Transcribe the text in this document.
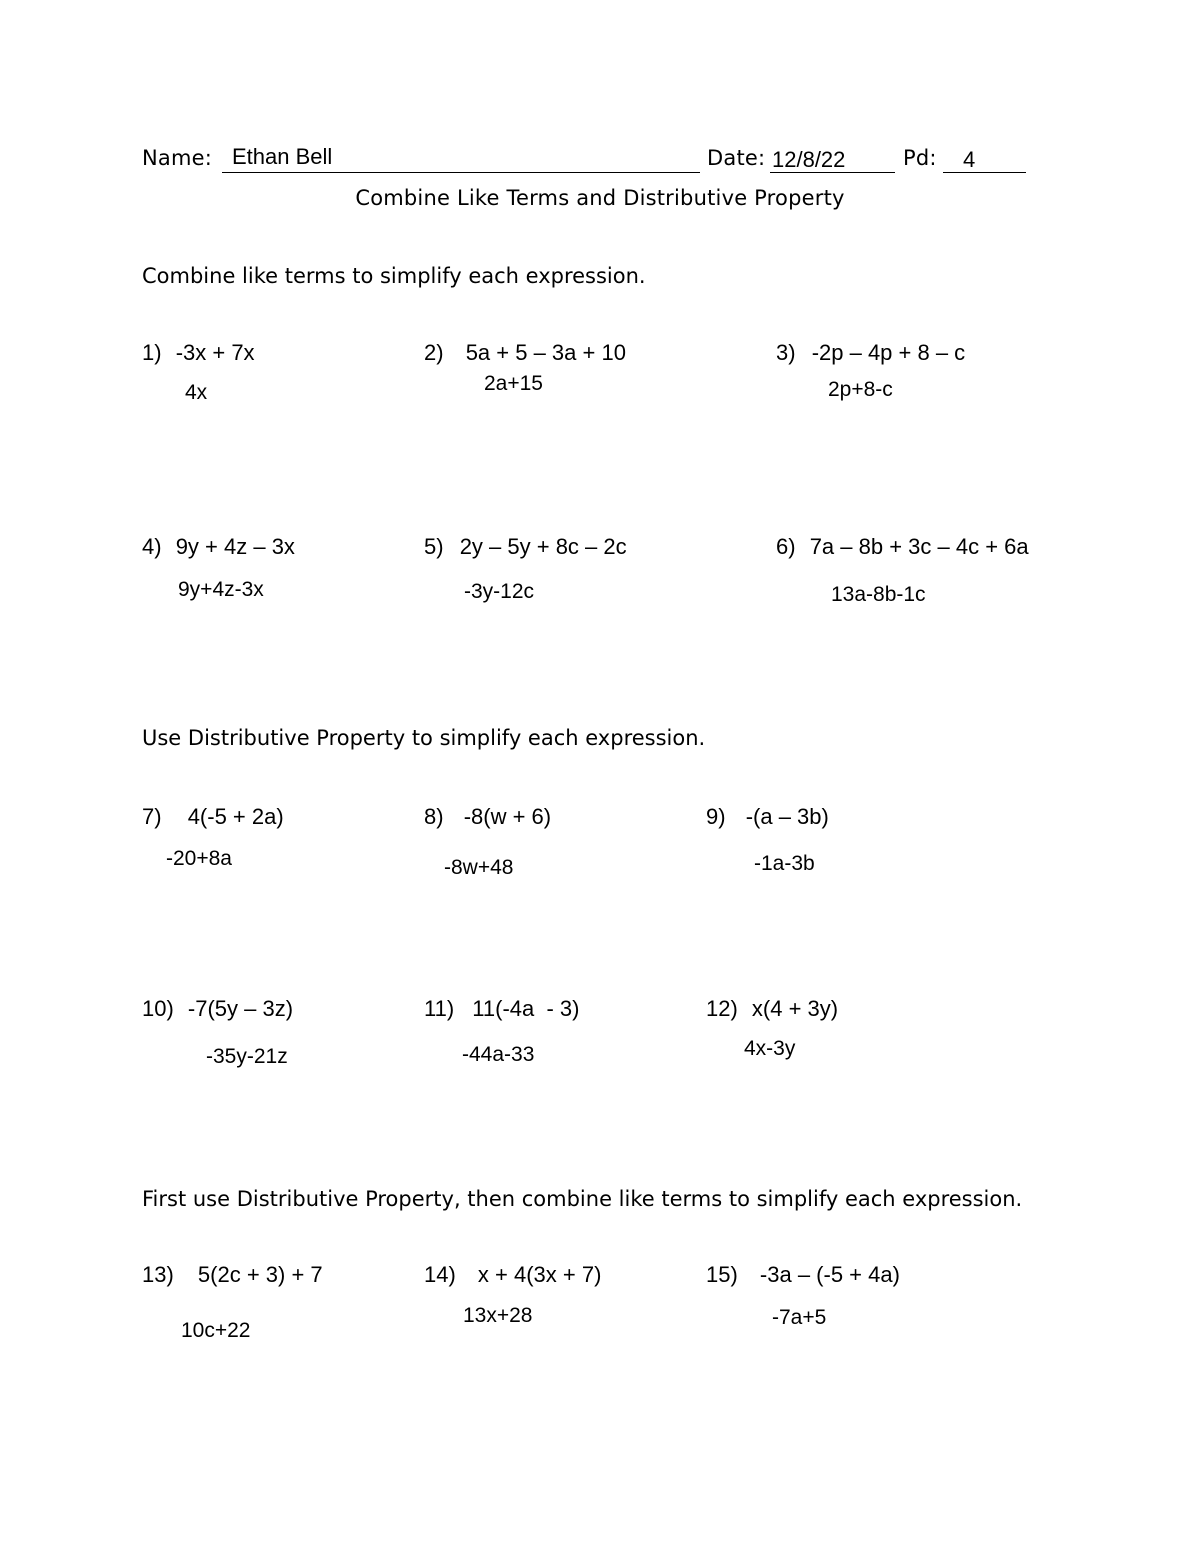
Name: Ethan Bell	Date: 12/8/22	Pd: 4
Combine Like Terms and Distributive Property
Combine like terms to simplify each expression.
1) -3x + 7x
4x
2) 5a + 5 – 3a + 10
2a+15
3) -2p – 4p + 8 – c
2p+8-c
4) 9y + 4z – 3x
9y+4z-3x
5) 2y – 5y + 8c – 2c
-3y-12c
6) 7a – 8b + 3c – 4c + 6a
13a-8b-1c
Use Distributive Property to simplify each expression.
7) 4(-5 + 2a)
-20+8a
8) -8(w + 6)
-8w+48
9) -(a – 3b)
-1a-3b
10) -7(5y – 3z)
-35y-21z
11) 11(-4a  - 3)
-44a-33
12) x(4 + 3y)
4x-3y
First use Distributive Property, then combine like terms to simplify each expression.
13) 5(2c + 3) + 7
10c+22
14) x + 4(3x + 7)
13x+28
15) -3a – (-5 + 4a)
-7a+5
